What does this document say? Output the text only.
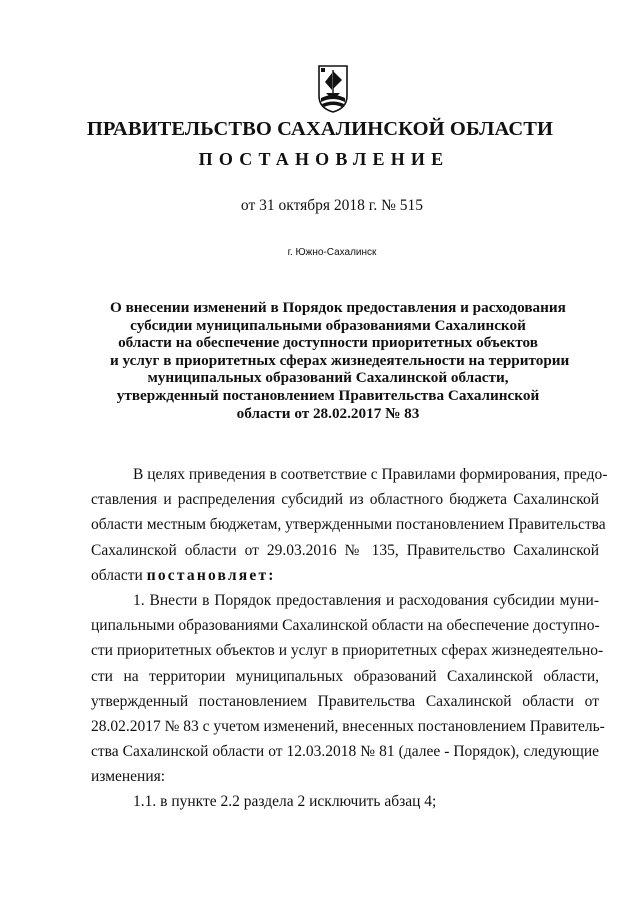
ПРАВИТЕЛЬСТВО САХАЛИНСКОЙ ОБЛАСТИ
ПОСТАНОВЛЕНИЕ
от 31 октября 2018 г. № 515
г. Южно-Сахалинск
О внесении изменений в Порядок предоставления и расходования
субсидии муниципальными образованиями Сахалинской
области на обеспечение доступности приоритетных объектов
и услуг в приоритетных сферах жизнедеятельности на территории
муниципальных образований Сахалинской области,
утвержденный постановлением Правительства Сахалинской
области от 28.02.2017 № 83
В целях приведения в соответствие с Правилами формирования, предо-
ставления и распределения субсидий из областного бюджета Сахалинской
области местным бюджетам, утвержденными постановлением Правительства
Сахалинской области от 29.03.2016 № 135, Правительство Сахалинской
области постановляет:
1. Внести в Порядок предоставления и расходования субсидии муни-
ципальными образованиями Сахалинской области на обеспечение доступно-
сти приоритетных объектов и услуг в приоритетных сферах жизнедеятельно-
сти на территории муниципальных образований Сахалинской области,
утвержденный постановлением Правительства Сахалинской области от
28.02.2017 № 83 с учетом изменений, внесенных постановлением Правитель-
ства Сахалинской области от 12.03.2018 № 81 (далее - Порядок), следующие
изменения:
1.1. в пункте 2.2 раздела 2 исключить абзац 4;
